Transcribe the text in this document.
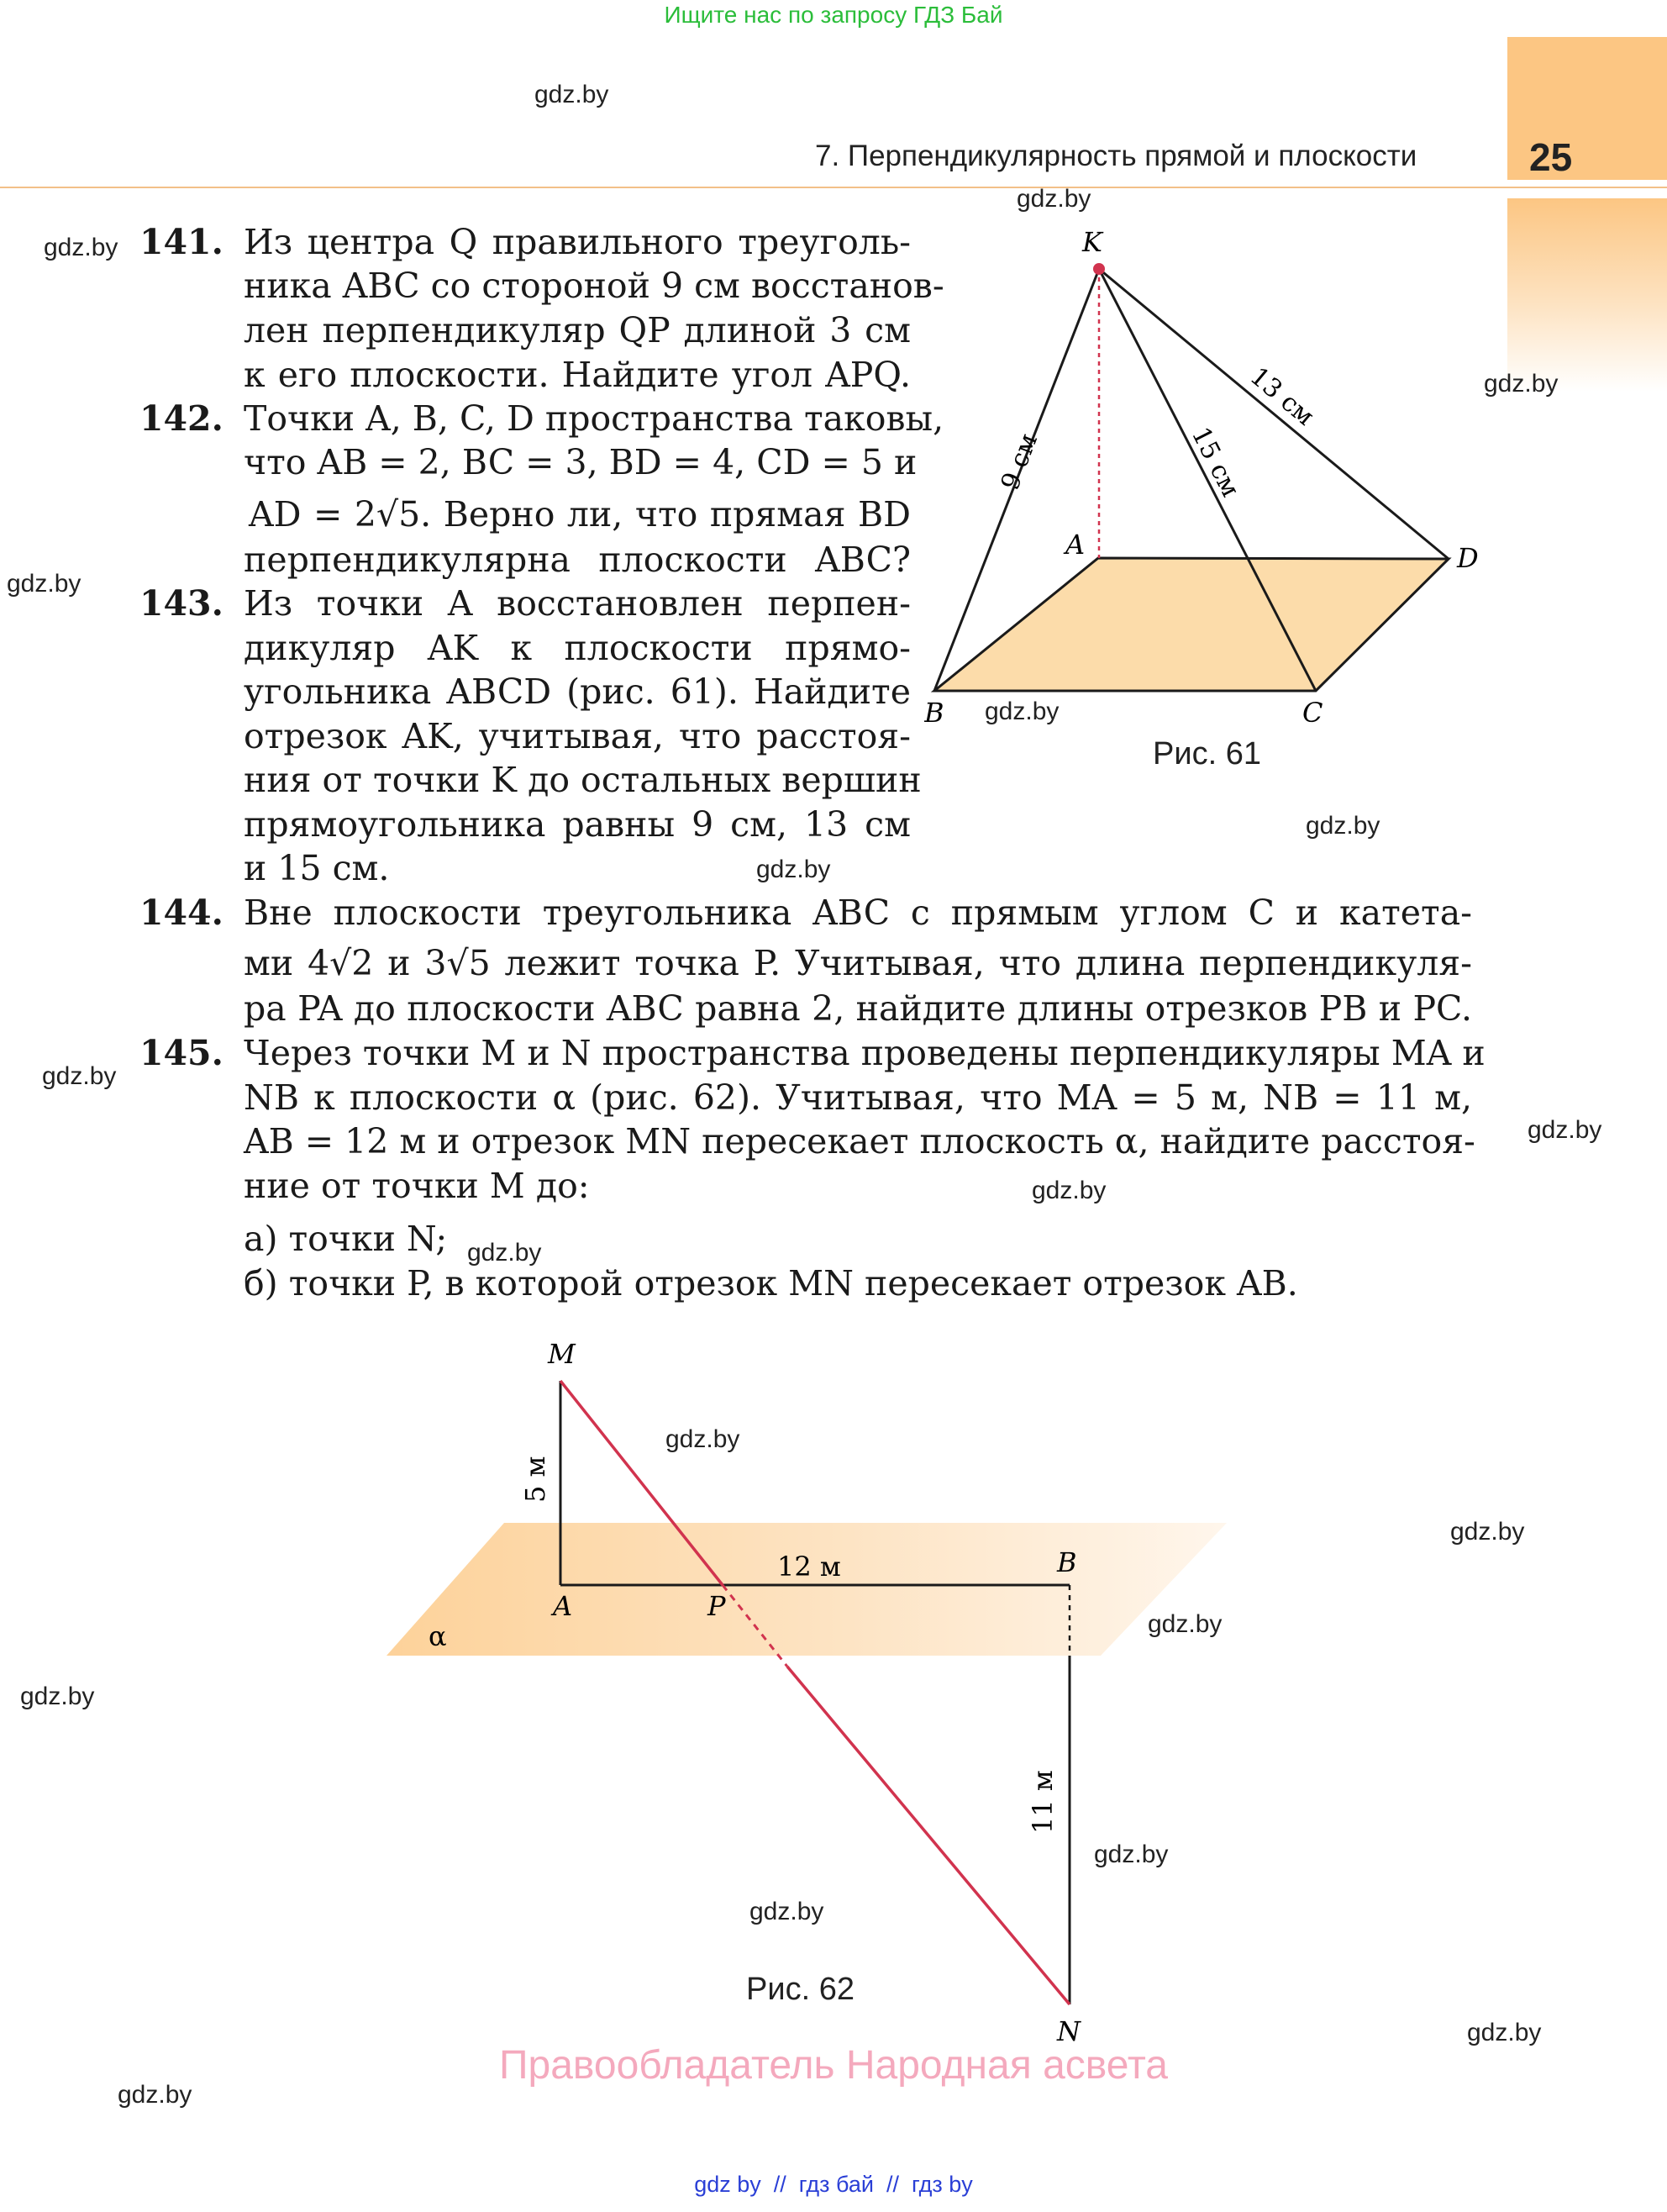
Ищите нас по запросу ГДЗ Бай
7. Перпендикулярность прямой и плоскости	25
gdz.by
gdz.by
gdz.by
gdz.by
gdz.by
gdz.by
gdz.by
gdz.by
gdz.by
gdz.by
gdz.by
gdz.by
gdz.by
gdz.by
gdz.by
gdz.by
gdz.by
gdz.by
gdz.by
gdz.by
141. Из центра Q правильного треуголь-
ника ABC со стороной 9 см восстанов-
лен перпендикуляр QP длиной 3 см
к его плоскости. Найдите угол APQ.
142. Точки A, B, C, D пространства таковы,
что AB = 2, BC = 3, BD = 4, CD = 5 и
AD = 2√5. Верно ли, что прямая BD
перпендикулярна плоскости ABC?
143. Из точки A восстановлен перпен-
дикуляр AK к плоскости прямо-
угольника ABCD (рис. 61). Найдите
отрезок AK, учитывая, что расстоя-
ния от точки K до остальных вершин
прямоугольника равны 9 см, 13 см
и 15 см.
144. Вне плоскости треугольника ABC с прямым углом C и катета-
ми 4√2 и 3√5 лежит точка P. Учитывая, что длина перпендикуля-
ра PA до плоскости ABC равна 2, найдите длины отрезков PB и PC.
145. Через точки M и N пространства проведены перпендикуляры MA и
NB к плоскости α (рис. 62). Учитывая, что MA = 5 м, NB = 11 м,
AB = 12 м и отрезок MN пересекает плоскость α, найдите расстоя-
ние от точки M до:
а) точки N;
б) точки P, в которой отрезок MN пересекает отрезок AB.
K
A
B	C
D
9 см	15 см
13 см
Рис. 61
M
A	P
B
N
α
12 м
5 м
11 м
Рис. 62
Правообладатель Народная асвета
gdz by  //  гдз бай  //  гдз by
